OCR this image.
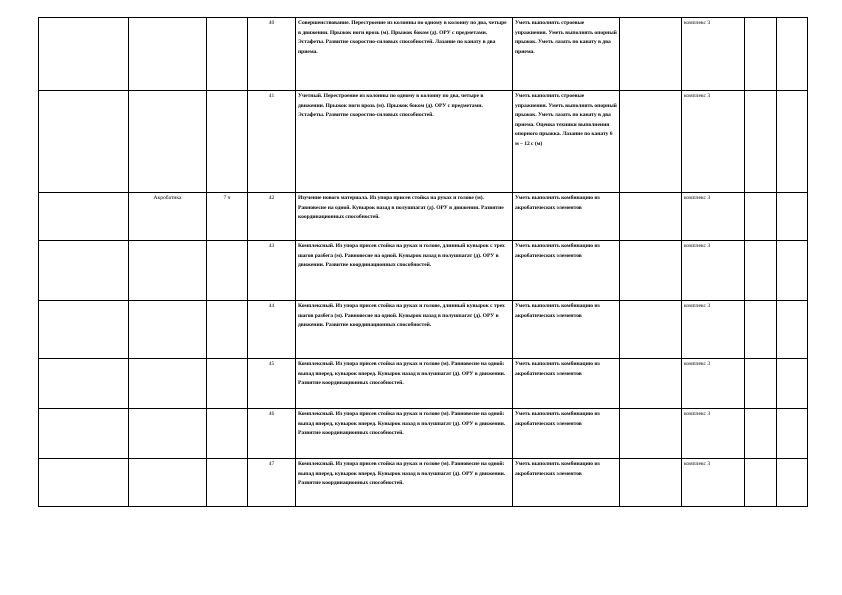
			40	Совершенствование. Перестроение из колонны по одному в колонну по два, четыре в движении. Прыжок ноги врозь (м). Прыжок боком (д). ОРУ с предметами. Эстафеты. Развитие скоростно-силовых способностей. Лазание по канату в два приема.	Уметь выполнять строевые упражнения. Уметь выполнять опорный прыжок. Уметь лазать по канату в два приема.		комплекс 3		
			41	Учетный. Перестроение из колонны по одному в колонну по два, четыре в движении. Прыжок ноги врозь (м). Прыжок боком (д). ОРУ с предметами. Эстафеты. Развитие скоростно-силовых способностей.	Уметь выполнять строевые упражнения. Уметь выполнять опорный прыжок. Уметь лазать по канату в два приема. Оценка техники выполнения опорного прыжка. Лазание по канату 6 м – 12 с (м)		комплекс 3		
	Акробатика	7 ч	42	Изучение нового материала. Из упора присев стойка на руках и голове (м). Равновесие на одной. Кувырок назад в полушпагат (д). ОРУ в движении. Развитие координационных способностей.	Уметь выполнять комбинацию из акробатических элементов		комплекс 3		
			43	Комплексный. Из упора присев стойка на руках и голове, длинный кувырок с трех шагов разбега (м). Равновесие на одной. Кувырок назад в полушпагат (д). ОРУ в движении. Развитие координационных способностей.	Уметь выполнять комбинацию из акробатических элементов		комплекс 3		
			44	Комплексный. Из упора присев стойка на руках и голове, длинный кувырок с трех шагов разбега (м). Равновесие на одной. Кувырок назад в полушпагат (д). ОРУ в движении. Развитие координационных способностей.	Уметь выполнять комбинацию из акробатических элементов		комплекс 3		
			45	Комплексный. Из упора присев стойка на руках и голове (м). Равновесие на одной: выпад вперед, кувырок вперед. Кувырок назад в полушпагат (д). ОРУ в движении. Развитие координационных способностей.	Уметь выполнять комбинацию из акробатических элементов		комплекс 3		
			46	Комплексный. Из упора присев стойка на руках и голове (м). Равновесие на одной: выпад вперед, кувырок вперед. Кувырок назад в полушпагат (д). ОРУ в движении. Развитие координационных способностей.	Уметь выполнять комбинацию из акробатических элементов		комплекс 3		
			47	Комплексный. Из упора присев стойка на руках и голове (м). Равновесие на одной: выпад вперед, кувырок вперед. Кувырок назад в полушпагат (д). ОРУ в движении. Развитие координационных способностей.	Уметь выполнять комбинацию из акробатических элементов		комплекс 3		
